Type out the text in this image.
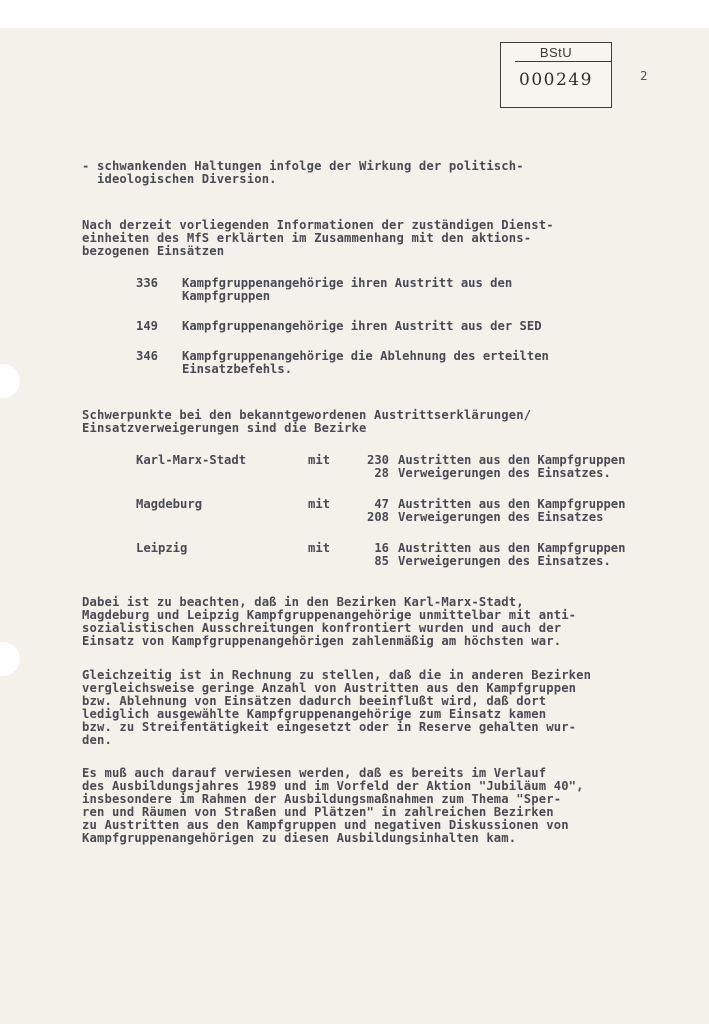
BStU
000249	2
- schwankenden Haltungen infolge der Wirkung der politisch-
ideologischen Diversion.
Nach derzeit vorliegenden Informationen der zuständigen Dienst-
einheiten des MfS erklärten im Zusammenhang mit den aktions-
bezogenen Einsätzen
336 Kampfgruppenangehörige ihren Austritt aus den
Kampfgruppen
149 Kampfgruppenangehörige ihren Austritt aus der SED
346 Kampfgruppenangehörige die Ablehnung des erteilten
Einsatzbefehls.
Schwerpunkte bei den bekanntgewordenen Austrittserklärungen/
Einsatzverweigerungen sind die Bezirke
Karl-Marx-Stadt	mit	230 Austritten aus den Kampfgruppen
28 Verweigerungen des Einsatzes.
Magdeburg	mit	47 Austritten aus den Kampfgruppen
208 Verweigerungen des Einsatzes
Leipzig	mit	16 Austritten aus den Kampfgruppen
85 Verweigerungen des Einsatzes.
Dabei ist zu beachten, daß in den Bezirken Karl-Marx-Stadt,
Magdeburg und Leipzig Kampfgruppenangehörige unmittelbar mit anti-
sozialistischen Ausschreitungen konfrontiert wurden und auch der
Einsatz von Kampfgruppenangehörigen zahlenmäßig am höchsten war.
Gleichzeitig ist in Rechnung zu stellen, daß die in anderen Bezirken
vergleichsweise geringe Anzahl von Austritten aus den Kampfgruppen
bzw. Ablehnung von Einsätzen dadurch beeinflußt wird, daß dort
lediglich ausgewählte Kampfgruppenangehörige zum Einsatz kamen
bzw. zu Streifentätigkeit eingesetzt oder in Reserve gehalten wur-
den.
Es muß auch darauf verwiesen werden, daß es bereits im Verlauf
des Ausbildungsjahres 1989 und im Vorfeld der Aktion "Jubiläum 40",
insbesondere im Rahmen der Ausbildungsmaßnahmen zum Thema "Sper-
ren und Räumen von Straßen und Plätzen" in zahlreichen Bezirken
zu Austritten aus den Kampfgruppen und negativen Diskussionen von
Kampfgruppenangehörigen zu diesen Ausbildungsinhalten kam.
